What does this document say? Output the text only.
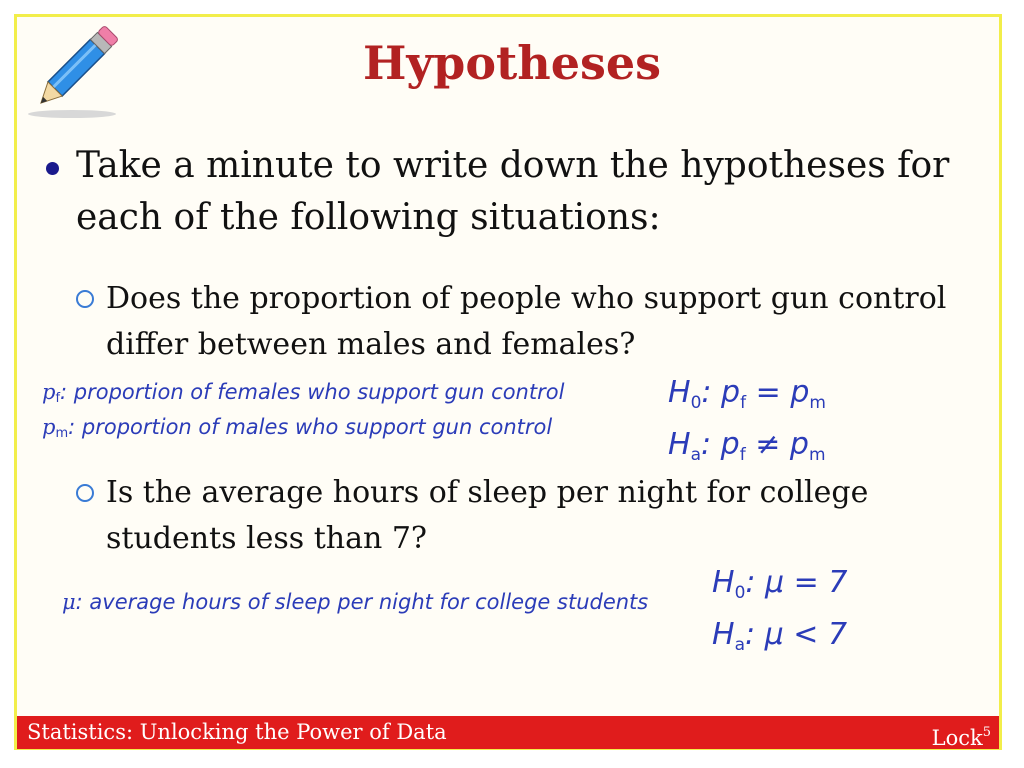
Hypotheses
Take a minute to write down the hypotheses for each of the following situations:
Does the proportion of people who support gun control differ between males and females?
pf: proportion of females who support gun control
pm: proportion of males who support gun control
$H_0$: $p_f = p_m$
$H_a$: $p_f \ne p_m$
Is the average hours of sleep per night for college students less than 7?
μ: average hours of sleep per night for college students
$H_0$: μ = 7
$H_a$: μ < 7
Statistics: Unlocking the Power of Data	Lock$^5$
